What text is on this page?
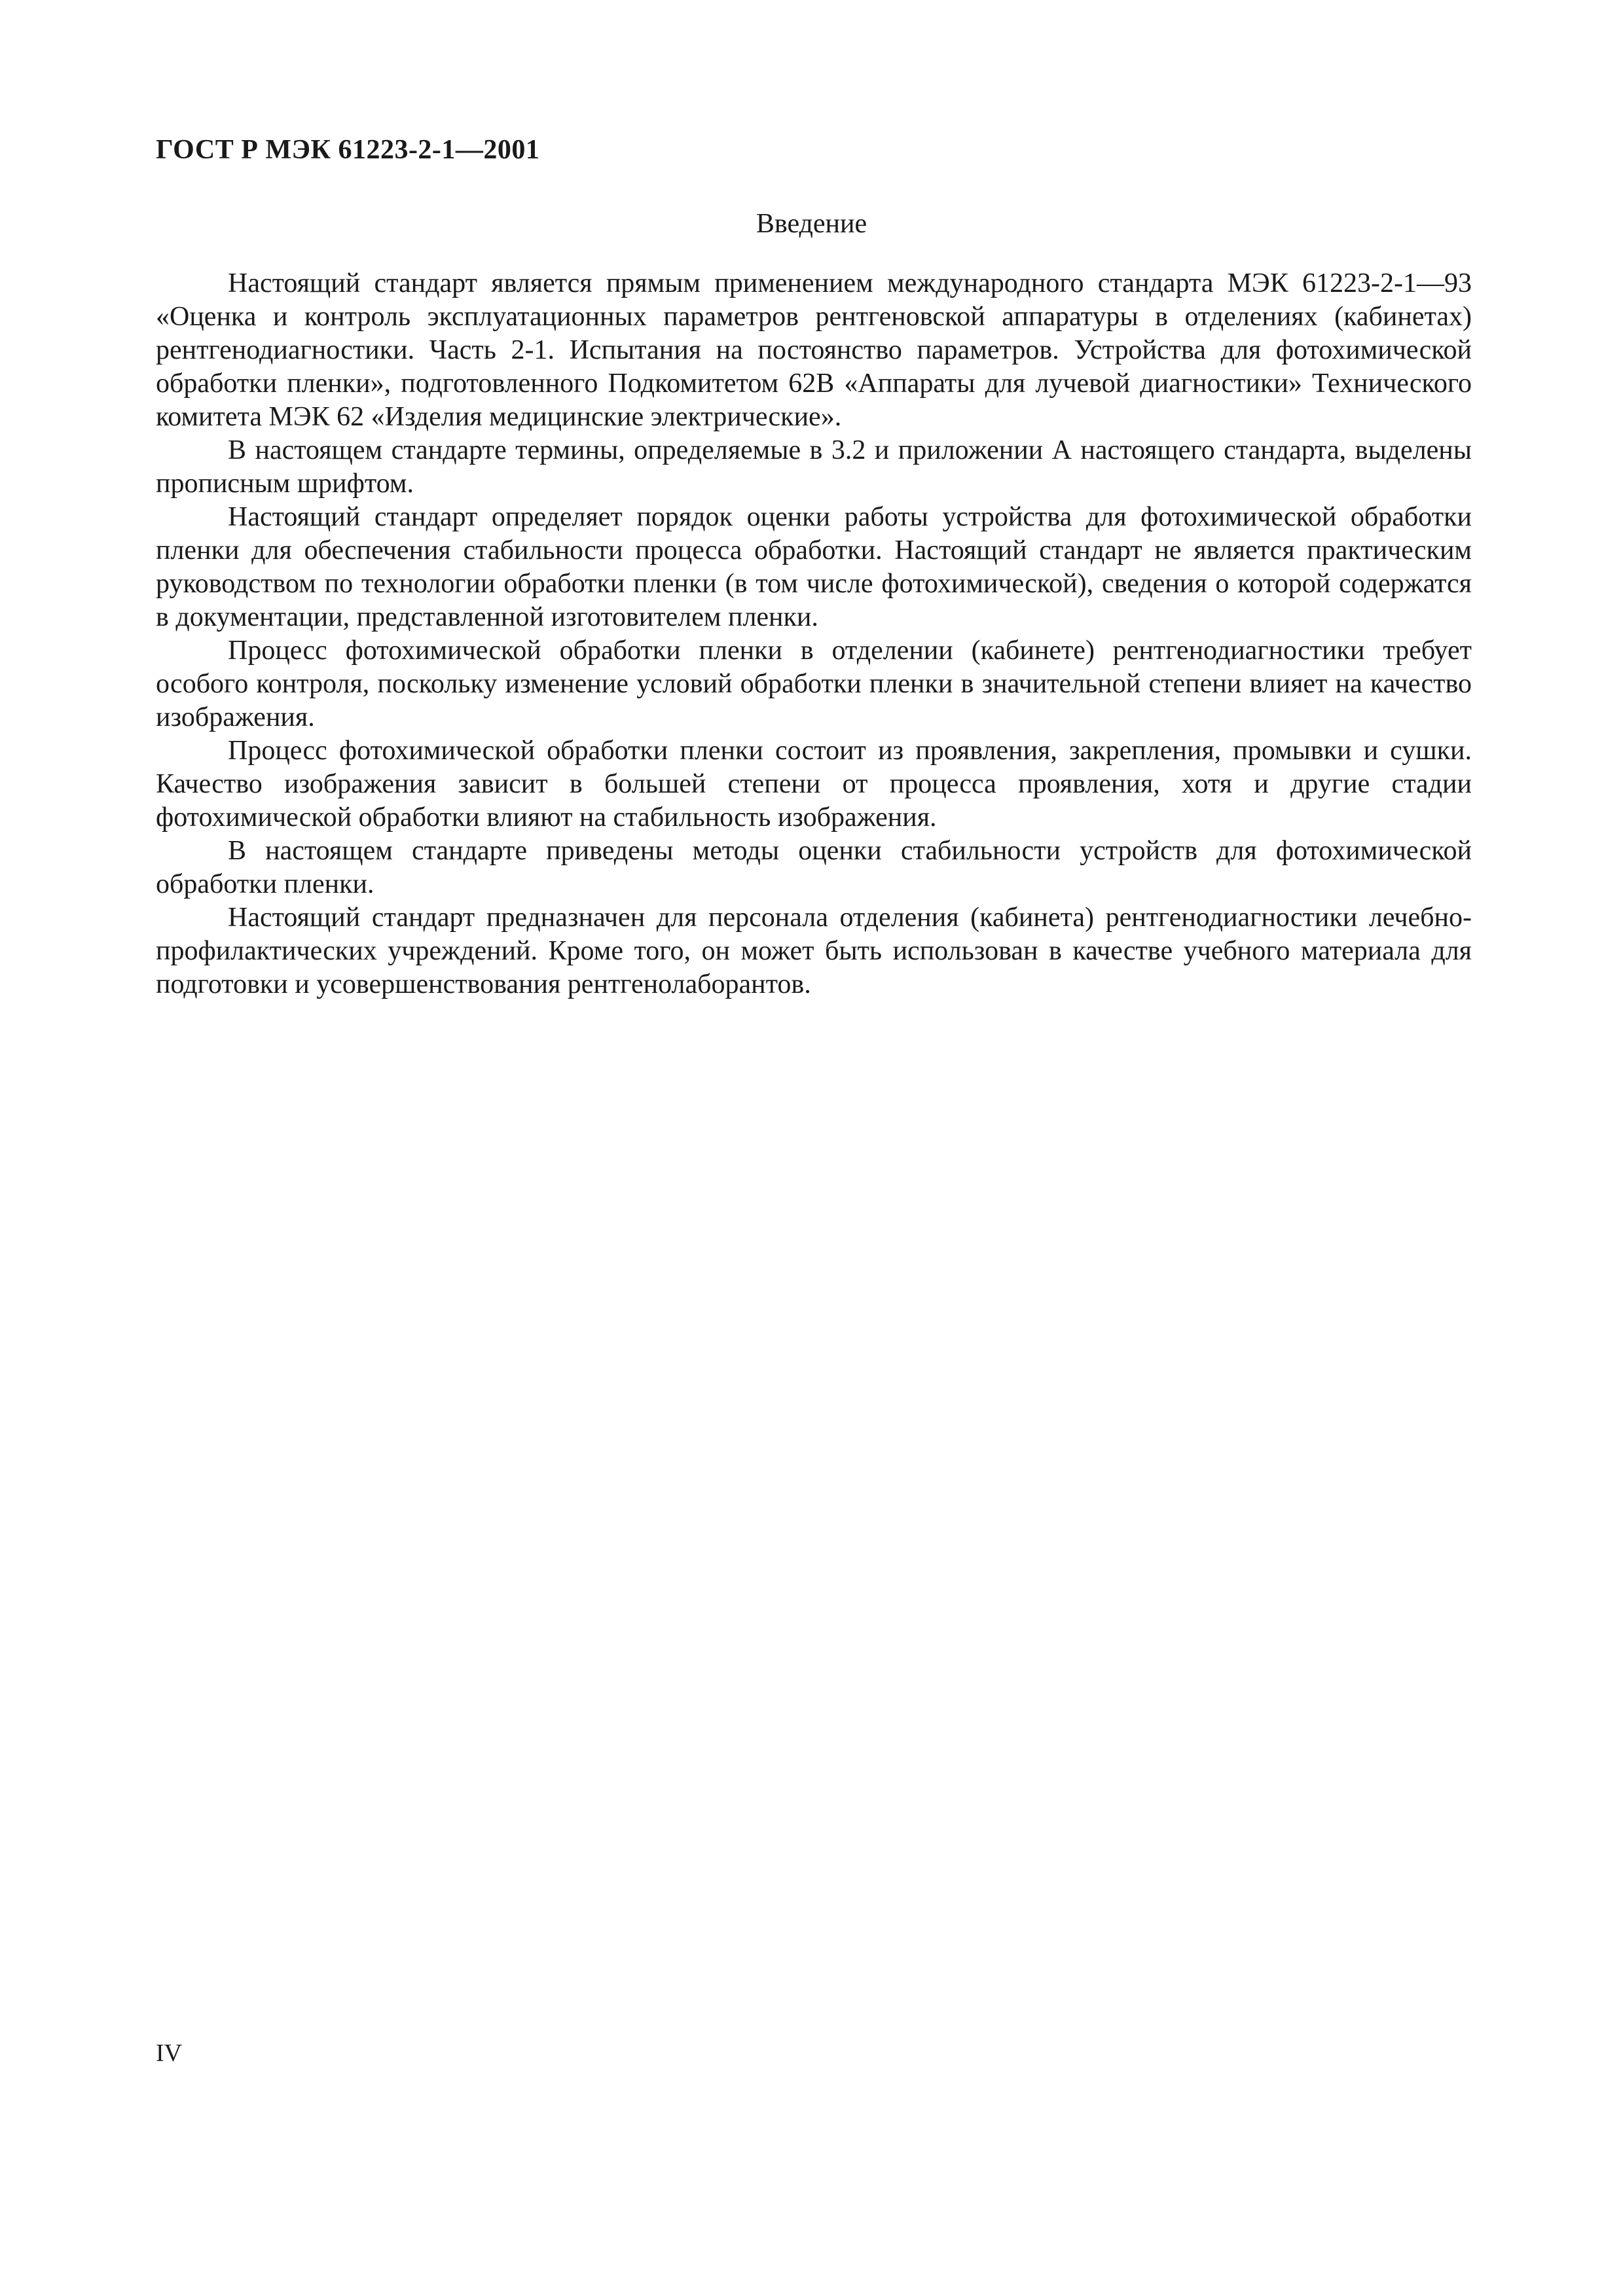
ГОСТ Р МЭК 61223-2-1—2001
Введение

Настоящий стандарт является прямым применением международного стандарта МЭК 61223-2-1—93 «Оценка и контроль эксплуатационных параметров рентгеновской аппаратуры в отделениях (кабинетах) рентгенодиагностики. Часть 2-1. Испытания на постоянство параметров. Устройства для фотохимической обработки пленки», подготовленного Подкомитетом 62В «Аппараты для лучевой диагностики» Технического комитета МЭК 62 «Изделия медицинские электрические».

В настоящем стандарте термины, определяемые в 3.2 и приложении А настоящего стандарта, выделены прописным шрифтом.

Настоящий стандарт определяет порядок оценки работы устройства для фотохимической обработки пленки для обеспечения стабильности процесса обработки. Настоящий стандарт не является практическим руководством по технологии обработки пленки (в том числе фотохимической), сведения о которой содержатся в документации, представленной изготовителем пленки.

Процесс фотохимической обработки пленки в отделении (кабинете) рентгенодиагностики требует особого контроля, поскольку изменение условий обработки пленки в значительной степени влияет на качество изображения.

Процесс фотохимической обработки пленки состоит из проявления, закрепления, промывки и сушки. Качество изображения зависит в большей степени от процесса проявления, хотя и другие стадии фотохимической обработки влияют на стабильность изображения.

В настоящем стандарте приведены методы оценки стабильности устройств для фотохимической обработки пленки.

Настоящий стандарт предназначен для персонала отделения (кабинета) рентгенодиагностики лечебно-профилактических учреждений. Кроме того, он может быть использован в качестве учебного материала для подготовки и усовершенствования рентгенолаборантов.

IV
